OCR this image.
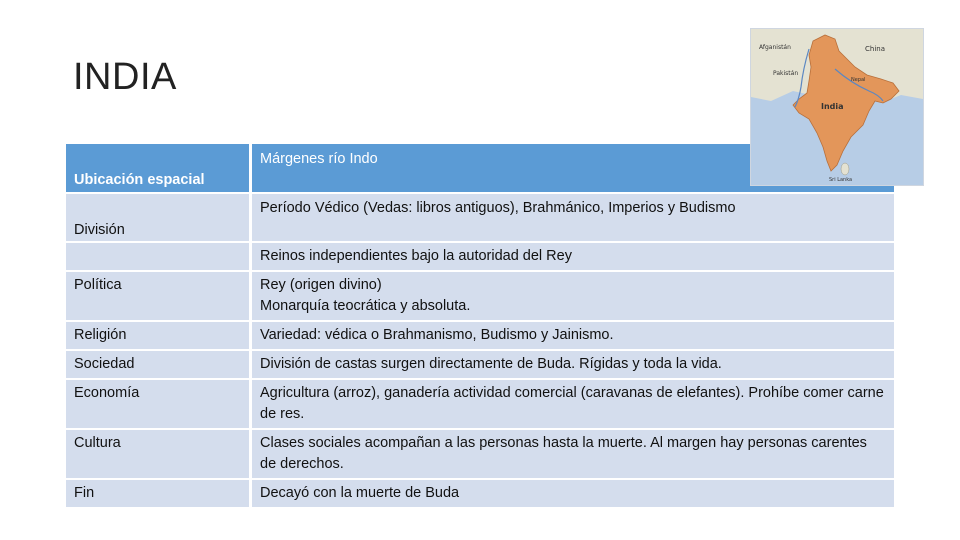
INDIA
Ubicación espacial	Márgenes río Indo
División	Período Védico (Vedas: libros antiguos), Brahmánico, Imperios y Budismo
	Reinos independientes bajo la autoridad del Rey
Política	Rey (origen divino)
Monarquía teocrática y absoluta.
Religión	Variedad: védica o Brahmanismo, Budismo y Jainismo.
Sociedad	División de castas surgen directamente de Buda. Rígidas y toda la vida.
Economía	Agricultura (arroz), ganadería actividad comercial (caravanas de elefantes). Prohíbe comer carne de res.
Cultura	Clases sociales acompañan a las personas hasta la muerte. Al margen hay personas carentes de derechos.
Fin	Decayó con la muerte de Buda
Afganistán	China
Pakistán
Nepal
India
Sri Lanka
